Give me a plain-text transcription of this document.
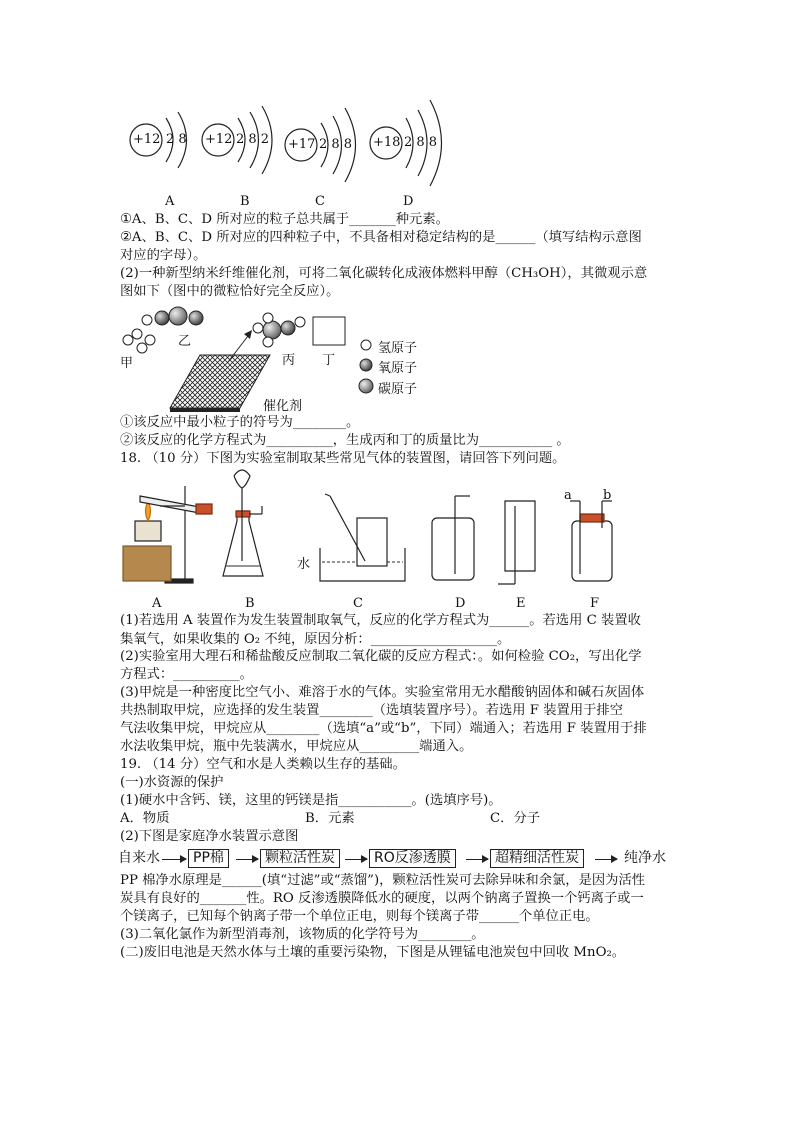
+12 2 8 +12 2 8 2 +17 2 8 8 +18 2 8 8
A	B	C	D
①A、B、C、D 所对应的粒子总共属于_______种元素。
②A、B、C、D 所对应的四种粒子中，不具备相对稳定结构的是______（填写结构示意图
对应的字母）。
(2)一种新型纳米纤维催化剂，可将二氧化碳转化成液体燃料甲醇（CH₃OH），其微观示意
图如下（图中的微粒恰好完全反应）。
甲
乙
丙 丁
催化剂
氢原子
氧原子
碳原子
①该反应中最小粒子的符号为________。
②该反应的化学方程式为__________，生成丙和丁的质量比为___________ 。
18. （10 分）下图为实验室制取某些常见气体的装置图，请回答下列问题。
水
a b
A	B	C	D	E	F
(1)若选用 A 装置作为发生装置制取氧气，反应的化学方程式为______。若选用 C 装置收
集氧气，如果收集的 O₂ 不纯，原因分析：___________________。
(2)实验室用大理石和稀盐酸反应制取二氧化碳的反应方程式：。如何检验 CO₂，写出化学
方程式：__________。
(3)甲烷是一种密度比空气小、难溶于水的气体。实验室常用无水醋酸钠固体和碱石灰固体
共热制取甲烷，应选择的发生装置________（选填装置序号）。若选用 F 装置用于排空
气法收集甲烷，甲烷应从________（选填“a”或“b”，下同）端通入；若选用 F 装置用于排
水法收集甲烷，瓶中先装满水，甲烷应从_________端通入。
19. （14 分）空气和水是人类赖以生存的基础。
(一)水资源的保护
(1)硬水中含钙、镁，这里的钙镁是指___________。(选填序号)。
A．物质	B．元素	C．分子
(2)下图是家庭净水装置示意图
自来水	PP棉	颗粒活性炭	RO反渗透膜	超精细活性炭	纯净水
PP 棉净水原理是______(填“过滤”或“蒸馏”)，颗粒活性炭可去除异味和余氯，是因为活性
炭具有良好的_______性。RO 反渗透膜降低水的硬度，以两个钠离子置换一个钙离子或一
个镁离子，已知每个钠离子带一个单位正电，则每个镁离子带______个单位正电。
(3)二氧化氯作为新型消毒剂，该物质的化学符号为________。
(二)废旧电池是天然水体与土壤的重要污染物，下图是从锂锰电池炭包中回收 MnO₂。
